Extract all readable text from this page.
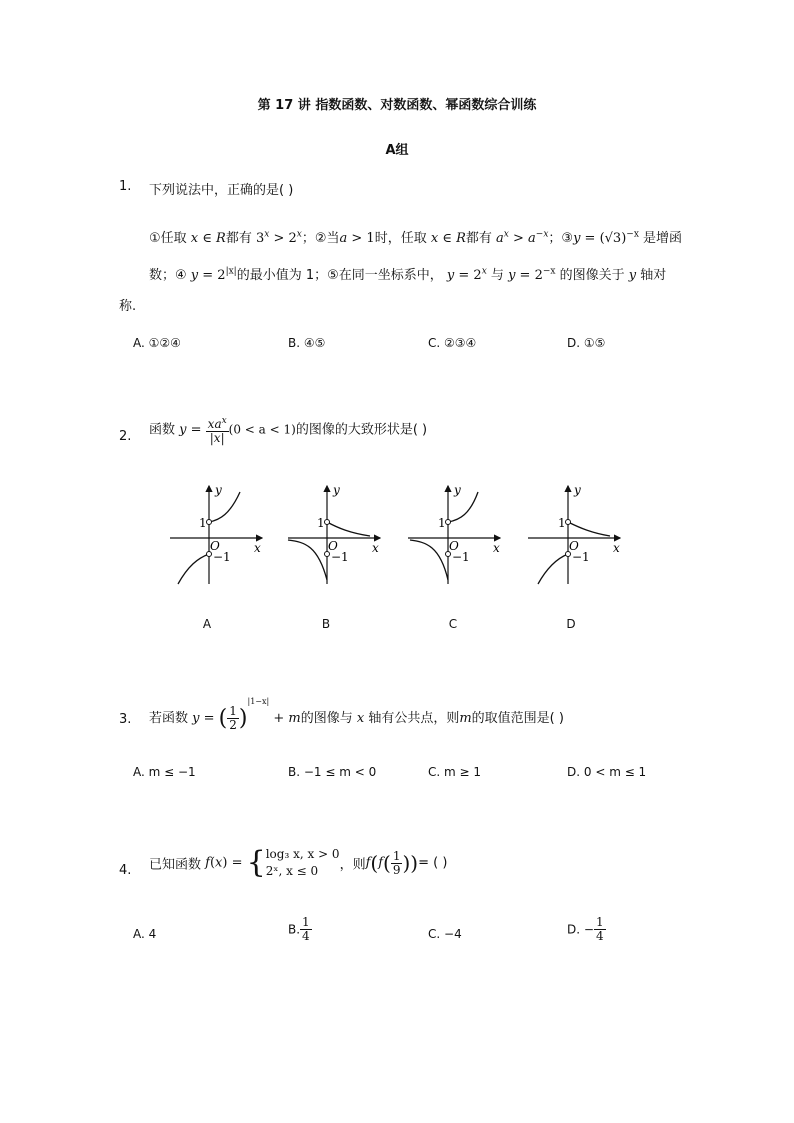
第 17 讲 指数函数、对数函数、幂函数综合训练
A组
1. 下列说法中，正确的是( )
①任取 x ∈ R都有 $3^x > 2^x$；②当a > 1时，任取 x ∈ R都有 $a^x > a^{-x}$；③y = $(√3)^{-x}$ 是增函
数；④ $y = 2^{|x|}$的最小值为 1；⑤在同一坐标系中， $y = 2^x$ 与 $y = 2^{-x}$ 的图像关于 y 轴对
称.
A. ①②④	B. ④⑤	C. ②③④	D. ①⑤
2. 函数 $y = \frac{xa^x}{|x|} (0 < a < 1)$的图像的大致形状是( )
1
O
−1
y
x
1
O
−1
y
x
1
O
−1
y
x
1
O
−1
y
x
A	B	C	D
3. 若函数 y = ( $\frac{1}{2} )^{|1-x|} + m$的图像与 x 轴有公共点，则m的取值范围是( )
A. m ≤ −1	B. −1 ≤ m < 0	C. m ≥ 1	D. 0 < m ≤ 1
4. 已知函数 f(x) = { log₃ x, x > 0
2ˣ, x ≤ 0	，则$f(f( \frac{1}{9}$ ))= ( )
A. 4	B. $\frac{1}{4}$	C. −4	D. − $\frac{1}{4}$
